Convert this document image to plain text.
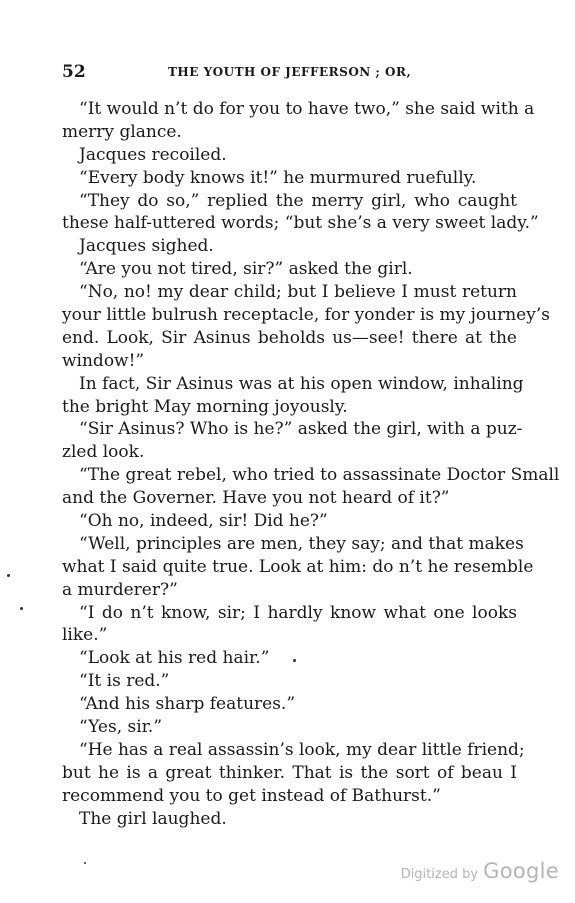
52	THE YOUTH OF JEFFERSON ; OR,
“It would n’t do for you to have two,” she said with a
merry glance.
Jacques recoiled.
“Every body knows it!” he murmured ruefully.
“They do so,” replied the merry girl, who caught
these half-uttered words; “but she’s a very sweet lady.”
Jacques sighed.
“Are you not tired, sir?” asked the girl.
“No, no! my dear child; but I believe I must return
your little bulrush receptacle, for yonder is my journey’s
end. Look, Sir Asinus beholds us—see! there at the
window!”
In fact, Sir Asinus was at his open window, inhaling
the bright May morning joyously.
“Sir Asinus? Who is he?” asked the girl, with a puz-
zled look.
“The great rebel, who tried to assassinate Doctor Small
and the Governer. Have you not heard of it?”
“Oh no, indeed, sir! Did he?”
“Well, principles are men, they say; and that makes
what I said quite true. Look at him: do n’t he resemble
a murderer?”
“I do n’t know, sir; I hardly know what one looks
like.”
“Look at his red hair.”
“It is red.”
“And his sharp features.”
“Yes, sir.”
“He has a real assassin’s look, my dear little friend;
but he is a great thinker. That is the sort of beau I
recommend you to get instead of Bathurst.”
The girl laughed.
Digitized by Google
